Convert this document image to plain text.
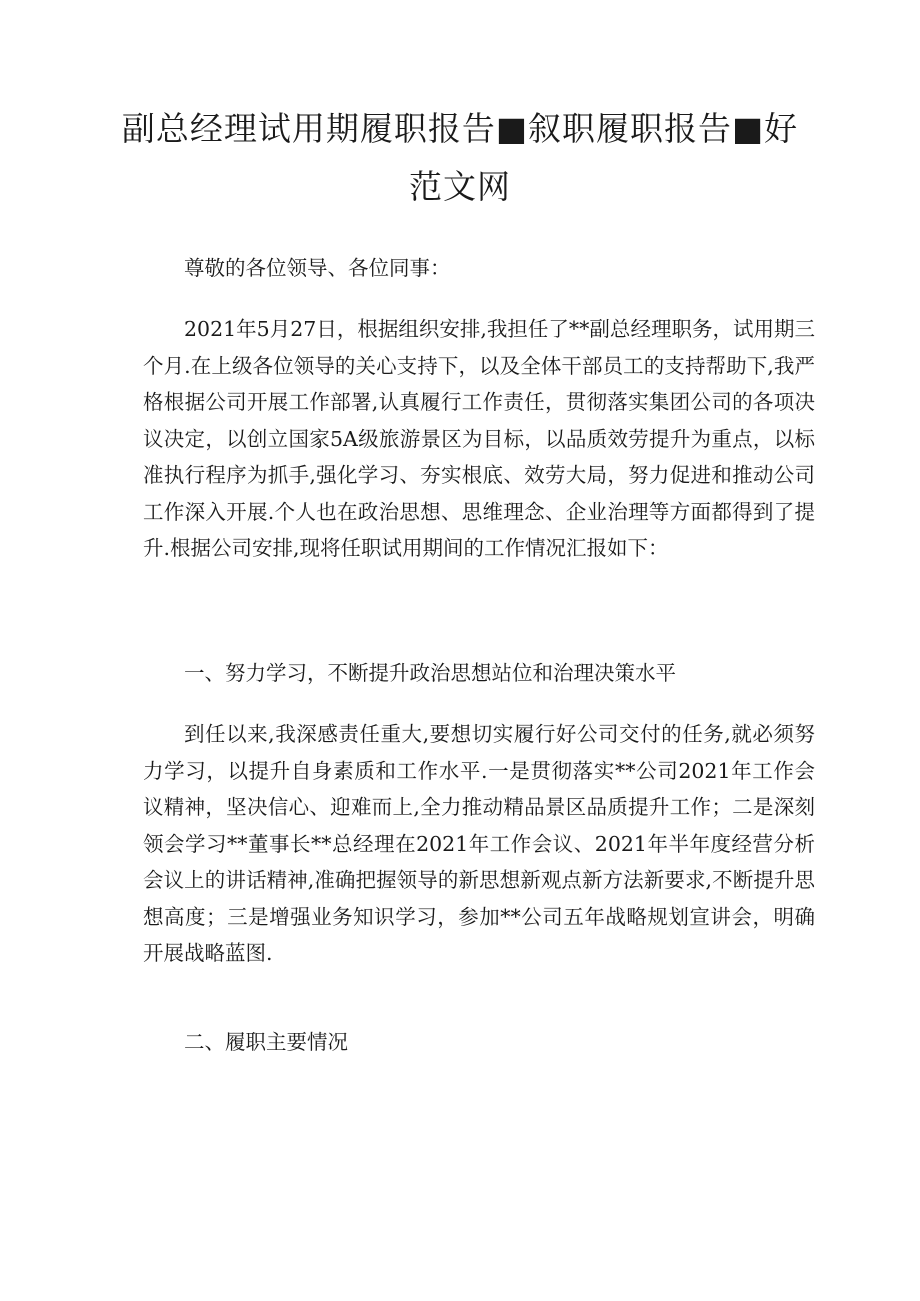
副总经理试用期履职报告■叙职履职报告■好
范文网

尊敬的各位领导、各位同事：

2021年5月27日，根据组织安排,我担任了**副总经理职务，试用期三个月.在上级各位领导的关心支持下，以及全体干部员工的支持帮助下,我严格根据公司开展工作部署,认真履行工作责任，贯彻落实集团公司的各项决议决定，以创立国家5A级旅游景区为目标，以品质效劳提升为重点，以标准执行程序为抓手,强化学习、夯实根底、效劳大局，努力促进和推动公司工作深入开展.个人也在政治思想、思维理念、企业治理等方面都得到了提升.根据公司安排,现将任职试用期间的工作情况汇报如下：

一、努力学习，不断提升政治思想站位和治理决策水平

到任以来,我深感责任重大,要想切实履行好公司交付的任务,就必须努力学习，以提升自身素质和工作水平.一是贯彻落实**公司2021年工作会议精神，坚决信心、迎难而上,全力推动精品景区品质提升工作；二是深刻领会学习**董事长**总经理在2021年工作会议、2021年半年度经营分析会议上的讲话精神,准确把握领导的新思想新观点新方法新要求,不断提升思想高度；三是增强业务知识学习，参加**公司五年战略规划宣讲会，明确开展战略蓝图.

二、履职主要情况
